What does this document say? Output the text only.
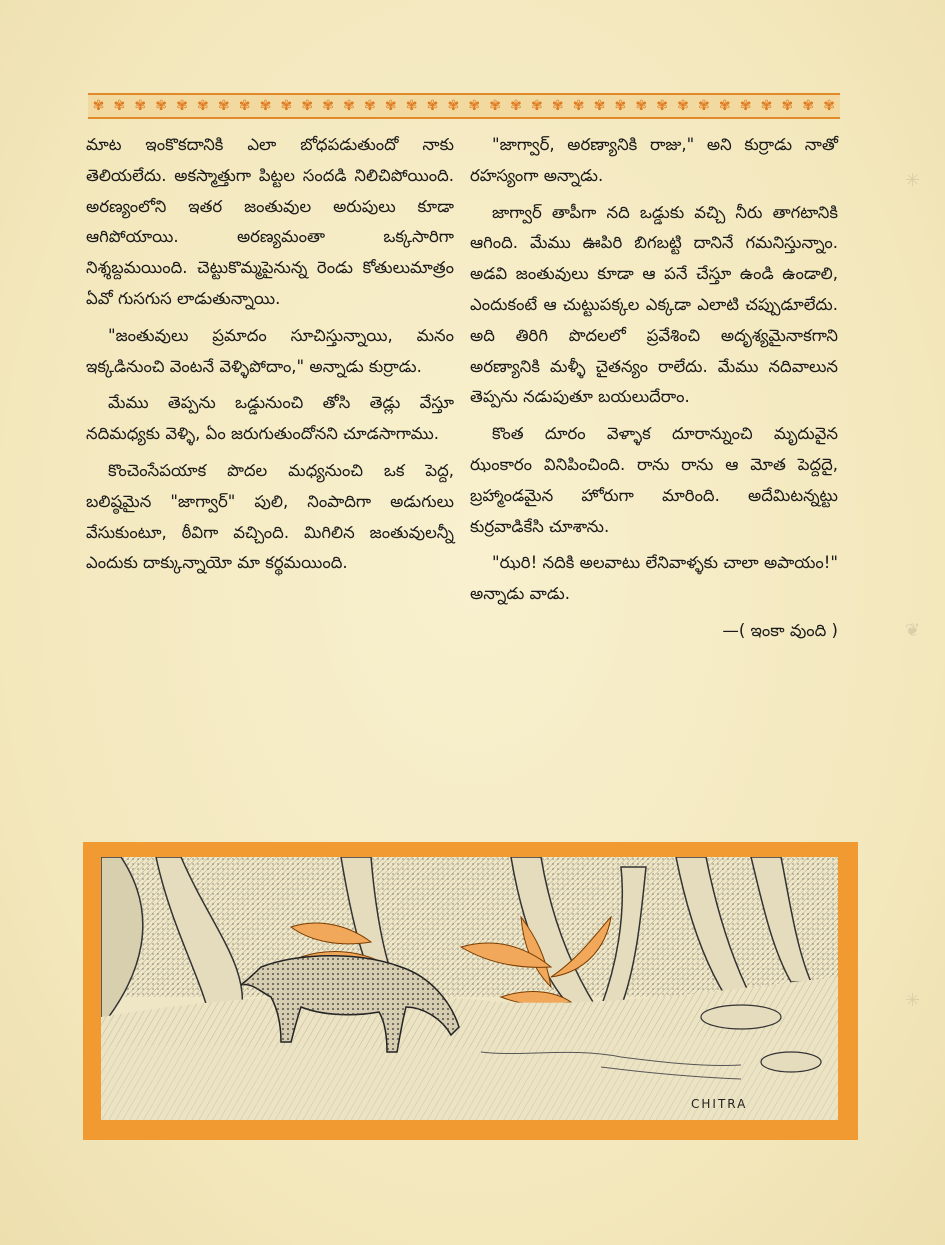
✾ ✾ ✾ ✾ ✾ ✾ ✾ ✾ ✾ ✾ ✾ ✾ ✾ ✾ ✾ ✾ ✾ ✾ ✾ ✾ ✾ ✾ ✾ ✾ ✾ ✾ ✾ ✾ ✾ ✾ ✾ ✾ ✾ ✾ ✾ ✾

మాట ఇంకొకదానికి ఎలా బోధపడుతుందో నాకు తెలియలేదు. అకస్మాత్తుగా పిట్టల సందడి నిలిచిపోయింది. అరణ్యంలోని ఇతర జంతువుల అరుపులు కూడా ఆగిపోయాయి. అరణ్యమంతా ఒక్కసారిగా నిశ్శబ్దమయింది. చెట్టుకొమ్మపైనున్న రెండు కోతులుమాత్రం ఏవో గుసగుస లాడుతున్నాయి.

"జంతువులు ప్రమాదం సూచిస్తున్నాయి, మనం ఇక్కడినుంచి వెంటనే వెళ్ళిపోదాం," అన్నాడు కుర్రాడు.

మేము తెప్పను ఒడ్డునుంచి తోసి తెడ్లు వేస్తూ నదిమధ్యకు వెళ్ళి, ఏం జరుగుతుందోనని చూడసాగాము.

కొంచెంసేపయాక పొదల మధ్యనుంచి ఒక పెద్ద, బలిష్ఠమైన "జాగ్వార్" పులి, నింపాదిగా అడుగులు వేసుకుంటూ, ఠీవిగా వచ్చింది. మిగిలిన జంతువులన్నీ ఎందుకు దాక్కున్నాయో మా కర్థమయింది.

"జాగ్వార్, అరణ్యానికి రాజు," అని కుర్రాడు నాతో రహస్యంగా అన్నాడు.

జాగ్వార్ తాపీగా నది ఒడ్డుకు వచ్చి నీరు తాగటానికి ఆగింది. మేము ఊపిరి బిగబట్టి దానినే గమనిస్తున్నాం. అడవి జంతువులు కూడా ఆ పనే చేస్తూ ఉండి ఉండాలి, ఎందుకంటే ఆ చుట్టుపక్కల ఎక్కడా ఎలాటి చప్పుడూలేదు. అది తిరిగి పొదలలో ప్రవేశించి అదృశ్యమైనాకగాని అరణ్యానికి మళ్ళీ చైతన్యం రాలేదు. మేము నదివాలున తెప్పను నడుపుతూ బయలుదేరాం.

కొంత దూరం వెళ్ళాక దూరాన్నుంచి మృదువైన ఝంకారం వినిపించింది. రాను రాను ఆ మోత పెద్దదై, బ్రహ్మాండమైన హోరుగా మారింది. అదేమిటన్నట్టు కుర్రవాడికేసి చూశాను.

"ఝరి! నదికి అలవాటు లేనివాళ్ళకు చాలా అపాయం!" అన్నాడు వాడు.

—( ఇంకా వుంది )
CHITRA
✳
❦
✳
